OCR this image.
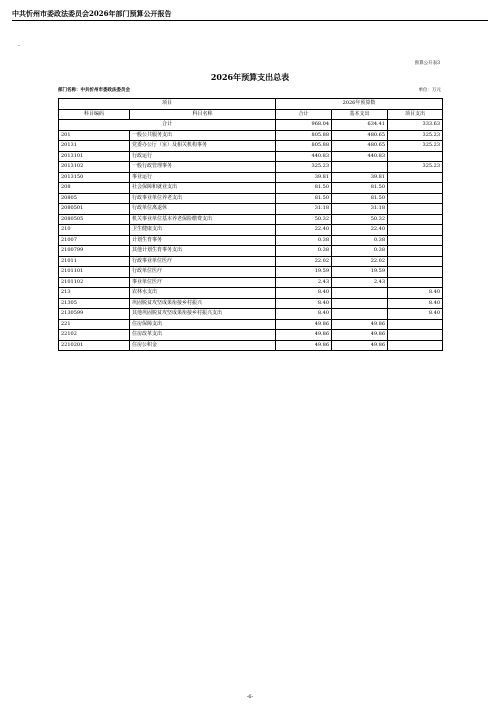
中共忻州市委政法委员会2026年部门预算公开报告
·
预算公开表3
2026年预算支出总表
部门名称：中共忻州市委政法委员会	单位：万元
项目		2026年预算数		
科目编码	科目名称	合计	基本支出	项目支出
合计		968.04	634.41	333.63
201	一般公共服务支出	805.88	480.65	325.23
20131	党委办公厅（室）及相关机构事务	805.88	480.65	325.23
2013101	行政运行	440.83	440.83	
2013102	一般行政管理事务	325.23		325.23
2013150	事业运行	39.81	39.81	
208	社会保障和就业支出	81.50	81.50	
20805	行政事业单位养老支出	81.50	81.50	
2080501	行政单位离退休	31.18	31.18	
2080505	机关事业单位基本养老保险缴费支出	50.32	50.32	
210	卫生健康支出	22.40	22.40	
21007	计划生育事务	0.38	0.38	
2100799	其他计划生育事务支出	0.38	0.38	
21011	行政事业单位医疗	22.02	22.02	
2101101	行政单位医疗	19.59	19.59	
2101102	事业单位医疗	2.43	2.43	
213	农林水支出	8.40		8.40
21305	巩固脱贫攻坚成果衔接乡村振兴	8.40		8.40
2130599	其他巩固脱贫攻坚成果衔接乡村振兴支出	8.40		8.40
221	住房保障支出	49.86	49.86	
22102	住房改革支出	49.86	49.86	
2210201	住房公积金	49.86	49.86	
-6-
